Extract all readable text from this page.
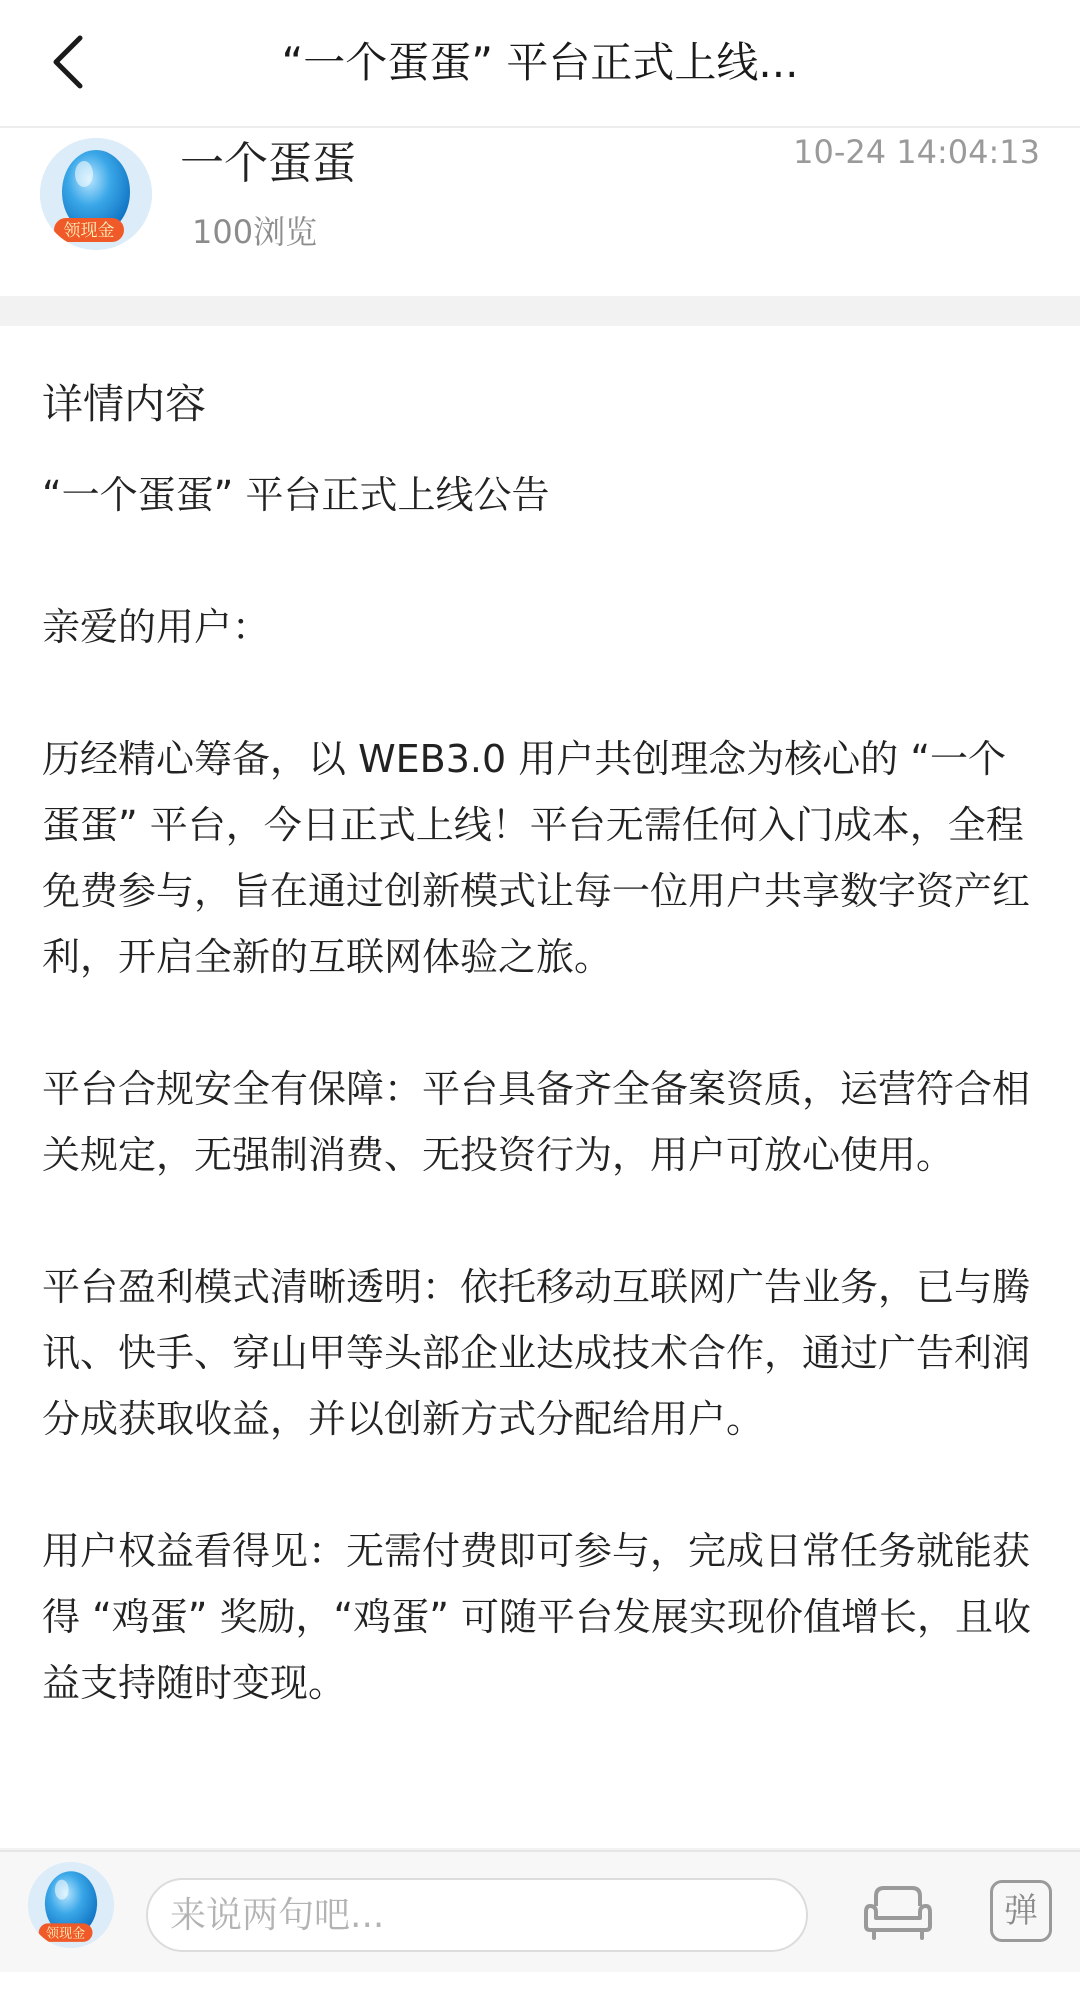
“一个蛋蛋” 平台正式上线...
领现金
一个蛋蛋
100浏览
10-24 14:04:13
详情内容

“一个蛋蛋” 平台正式上线公告

亲爱的用户：

历经精心筹备，以 WEB3.0 用户共创理念为核心的 “一个蛋蛋” 平台，今日正式上线！平台无需任何入门成本，全程免费参与，旨在通过创新模式让每一位用户共享数字资产红利，开启全新的互联网体验之旅。

平台合规安全有保障：平台具备齐全备案资质，运营符合相关规定，无强制消费、无投资行为，用户可放心使用。

平台盈利模式清晰透明：依托移动互联网广告业务，已与腾讯、快手、穿山甲等头部企业达成技术合作，通过广告利润分成获取收益，并以创新方式分配给用户。

用户权益看得见：无需付费即可参与，完成日常任务就能获得 “鸡蛋” 奖励，“鸡蛋” 可随平台发展实现价值增长，且收益支持随时变现。

领现金
来说两句吧...
弹
